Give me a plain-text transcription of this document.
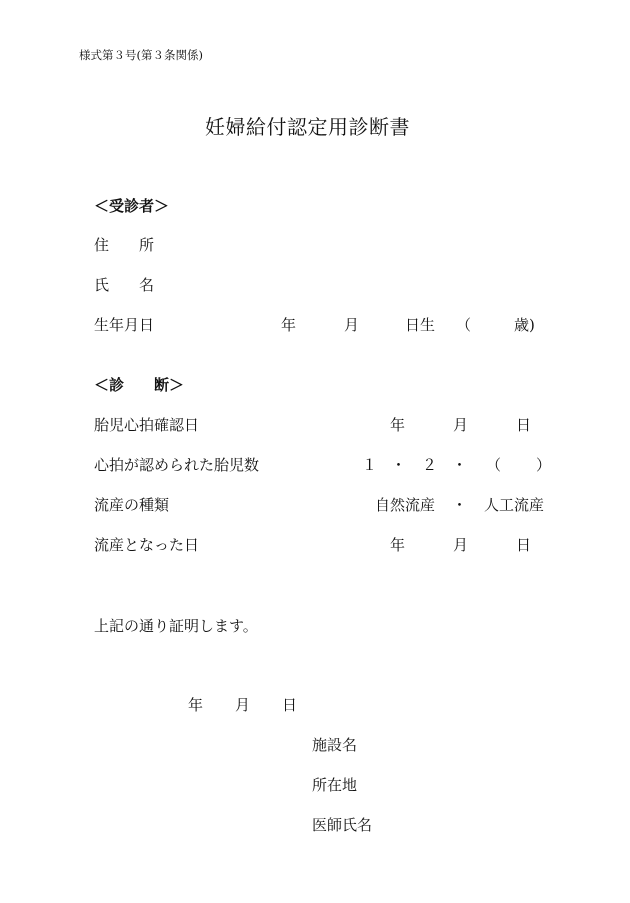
様式第３号(第３条関係)
妊婦給付認定用診断書
＜受診者＞
住　　所
氏　　名
生年月日	年	月	日生 （	歳)
＜診　　断＞
胎児心拍確認日	年	月	日
心拍が認められた胎児数	１ ・ ２ ・ （ ）
流産の種類	自然流産 ・ 人工流産
流産となった日	年	月	日
上記の通り証明します。
年 月 日
施設名
所在地
医師氏名
